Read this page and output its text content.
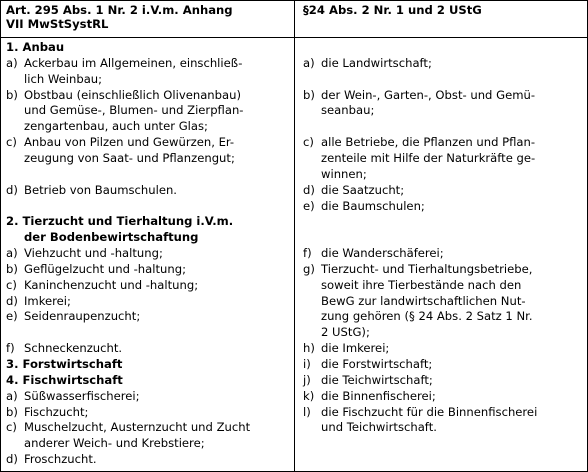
Art. 295 Abs. 1 Nr. 2 i.V.m. Anhang
VII MwStSystRL
§24 Abs. 2 Nr. 1 und 2 UStG
1. Anbau
a) Ackerbau im Allgemeinen, einschließ-
lich Weinbau;
b) Obstbau (einschließlich Olivenanbau)
und Gemüse-, Blumen- und Zierpflan-
zengartenbau, auch unter Glas;
c) Anbau von Pilzen und Gewürzen, Er-
zeugung von Saat- und Pflanzengut;
d) Betrieb von Baumschulen.
2. Tierzucht und Tierhaltung i.V.m.
der Bodenbewirtschaftung
a) Viehzucht und -haltung;
b) Geflügelzucht und -haltung;
c) Kaninchenzucht und -haltung;
d) Imkerei;
e) Seidenraupenzucht;
f) Schneckenzucht.
3. Forstwirtschaft
4. Fischwirtschaft
a) Süßwasserfischerei;
b) Fischzucht;
c) Muschelzucht, Austernzucht und Zucht
anderer Weich- und Krebstiere;
d) Froschzucht.
a) die Landwirtschaft;
b) der Wein-, Garten-, Obst- und Gemü-
seanbau;
c) alle Betriebe, die Pflanzen und Pflan-
zenteile mit Hilfe der Naturkräfte ge-
winnen;
d) die Saatzucht;
e) die Baumschulen;
f) die Wanderschäferei;
g) Tierzucht- und Tierhaltungsbetriebe,
soweit ihre Tierbestände nach den
BewG zur landwirtschaftlichen Nut-
zung gehören (§ 24 Abs. 2 Satz 1 Nr.
2 UStG);
h) die Imkerei;
i) die Forstwirtschaft;
j) die Teichwirtschaft;
k) die Binnenfischerei;
l) die Fischzucht für die Binnenfischerei
und Teichwirtschaft.
